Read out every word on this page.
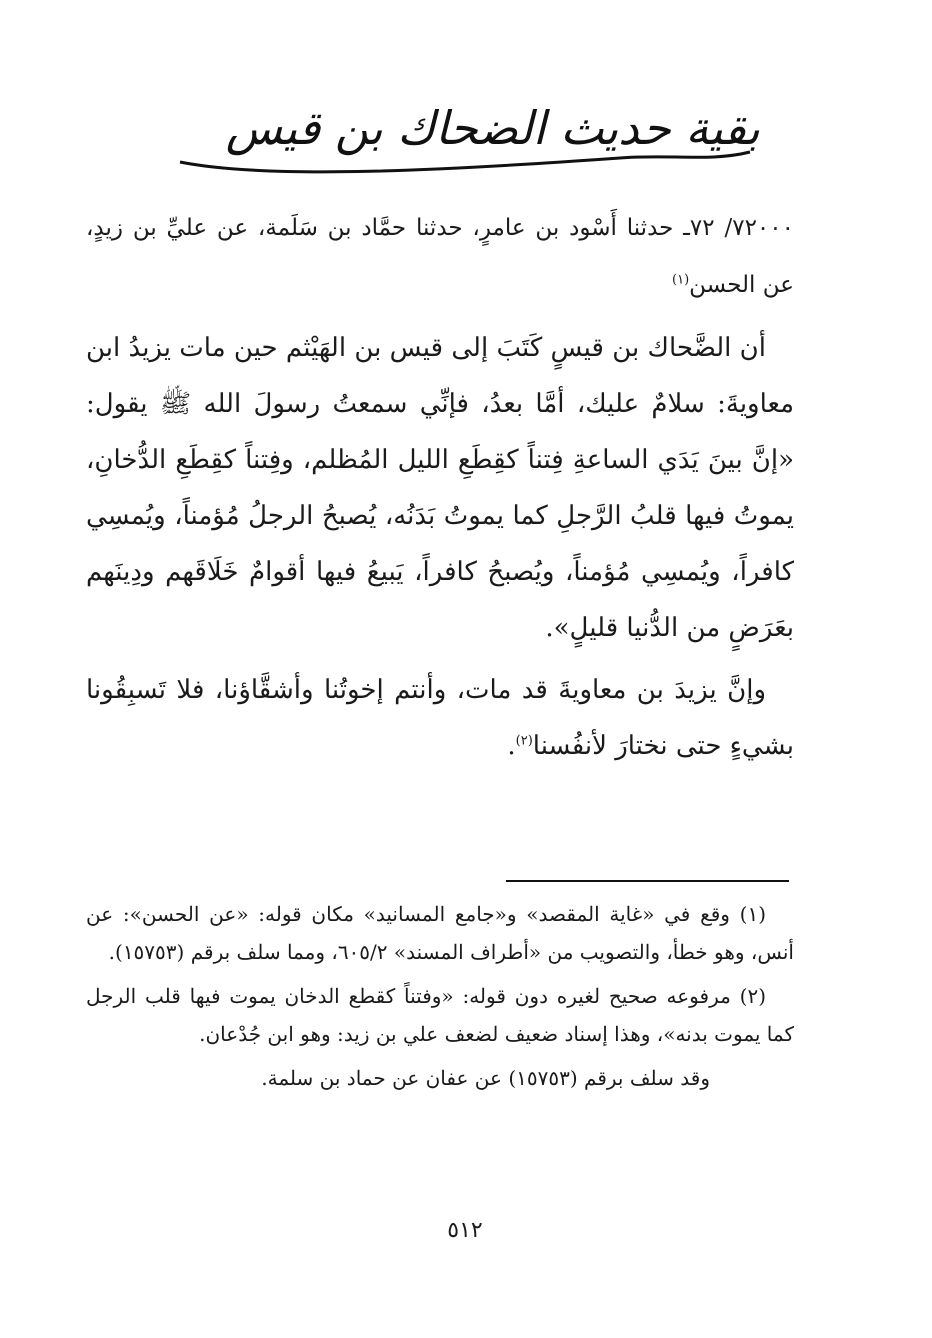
بقية حديث الضحاك بن قيس
٧٢٠٠٠/ ٧٢ـ حدثنا أَسْود بن عامرٍ، حدثنا حمَّاد بن سَلَمة، عن عليِّ بن زيدٍ، عن الحسن$^{(١)}$

أن الضَّحاك بن قيسٍ كَتَبَ إلى قيس بن الهَيْثم حين مات يزيدُ ابن معاويةَ: سلامٌ عليك، أمَّا بعدُ، فإنِّي سمعتُ رسولَ الله ﷺ يقول: «إنَّ بينَ يَدَي الساعةِ فِتناً كقِطَعِ الليل المُظلم، وفِتناً كقِطَعِ الدُّخانِ، يموتُ فيها قلبُ الرَّجلِ كما يموتُ بَدَنُه، يُصبحُ الرجلُ مُؤمناً، ويُمسِي كافراً، ويُمسِي مُؤمناً، ويُصبحُ كافراً، يَبيعُ فيها أقوامٌ خَلَاقَهم ودِينَهم بعَرَضٍ من الدُّنيا قليلٍ».

وإنَّ يزيدَ بن معاويةَ قد مات، وأنتم إخوتُنا وأشقَّاؤنا، فلا تَسبِقُونا بشيءٍ حتى نختارَ لأنفُسنا$^{(٢)}$.

(١) وقع في «غاية المقصد» و«جامع المسانيد» مكان قوله: «عن الحسن»: عن أنس، وهو خطأ، والتصويب من «أطراف المسند» ٦٠٥/٢، ومما سلف برقم (١٥٧٥٣).

(٢) مرفوعه صحيح لغيره دون قوله: «وفتناً كقطع الدخان يموت فيها قلب الرجل كما يموت بدنه»، وهذا إسناد ضعيف لضعف علي بن زيد: وهو ابن جُدْعان.

وقد سلف برقم (١٥٧٥٣) عن عفان عن حماد بن سلمة.

٥١٢
